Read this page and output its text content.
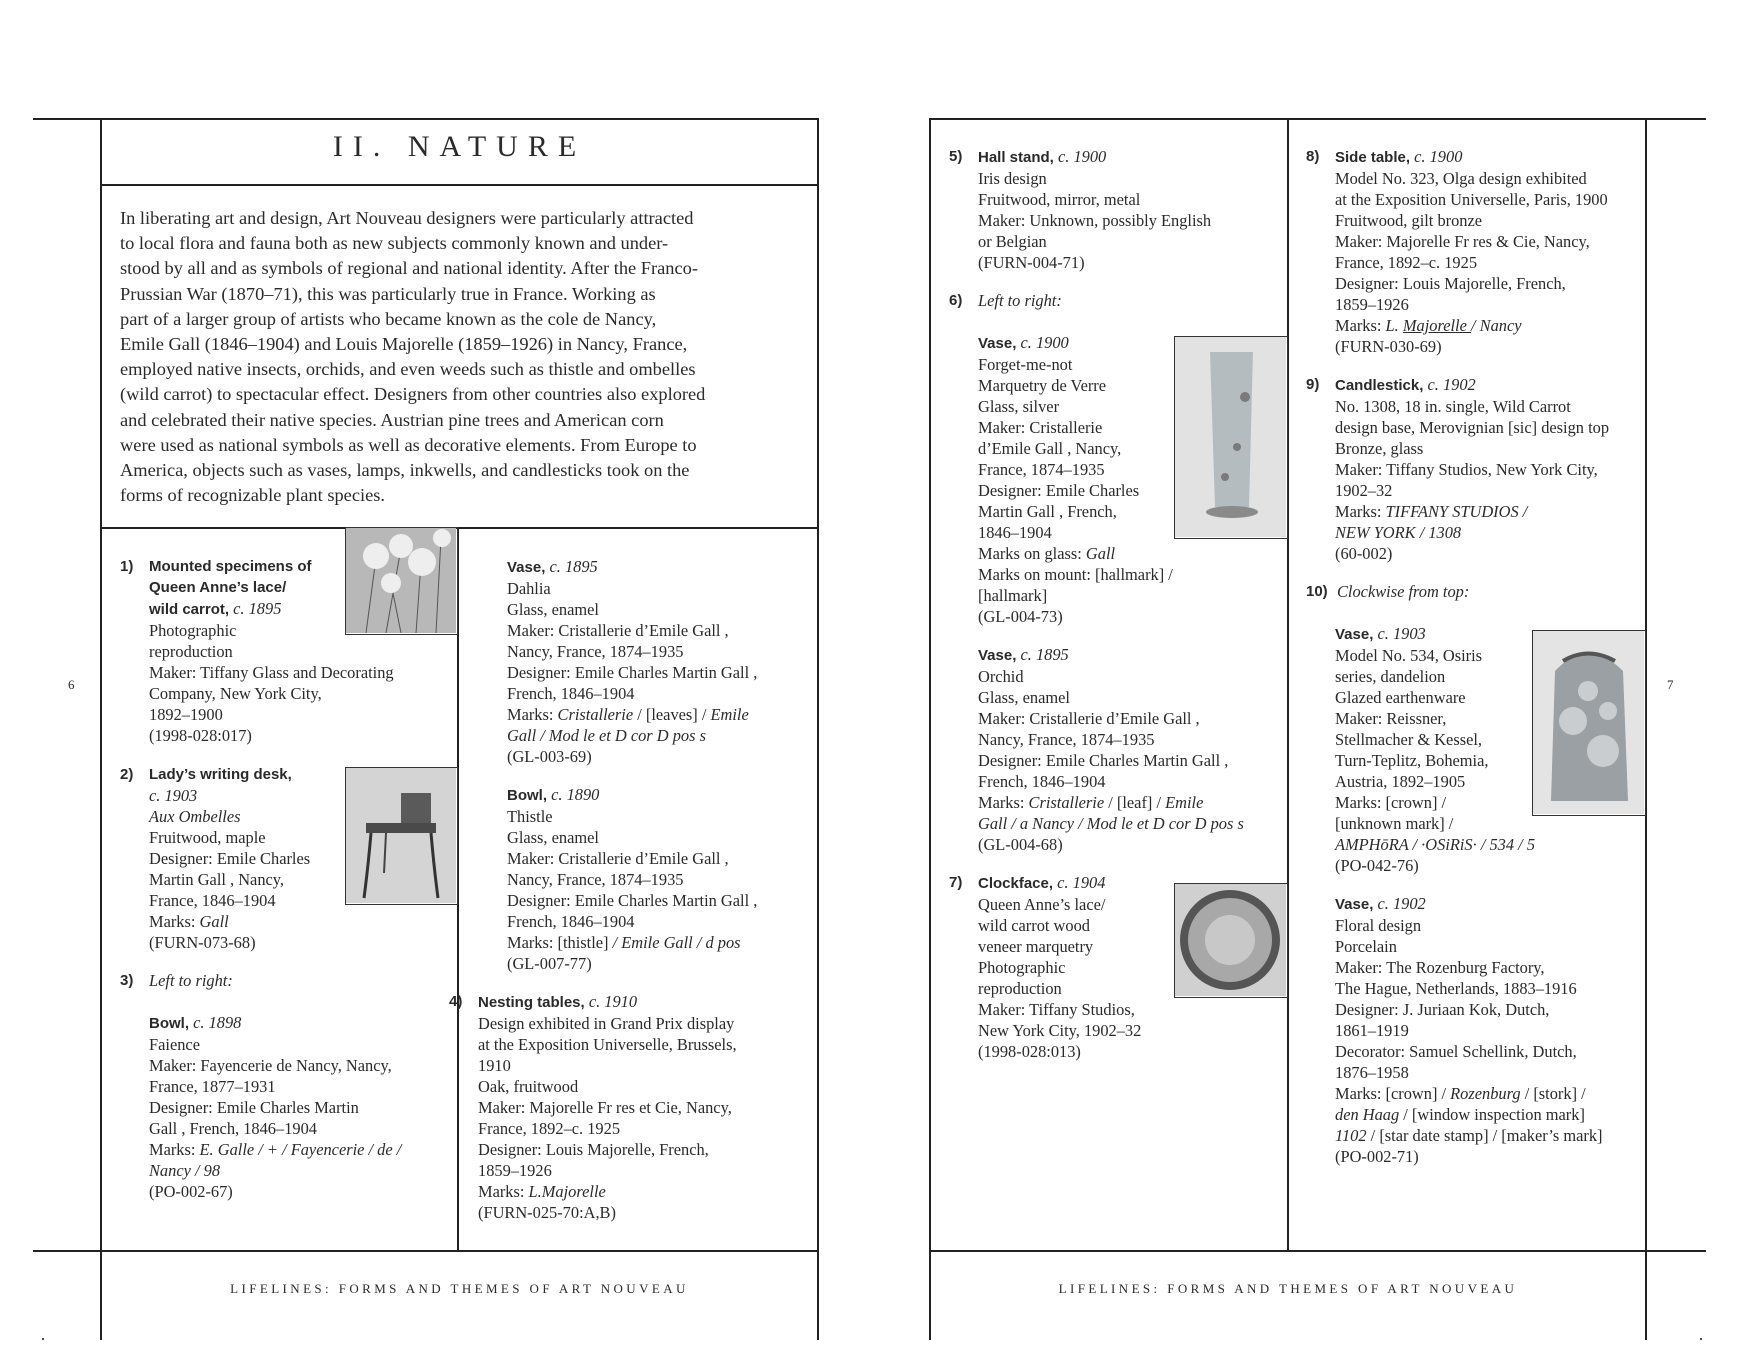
6	7
II. NATURE

In liberating art and design, Art Nouveau designers were particularly attracted
to local flora and fauna both as new subjects commonly known and under-
stood by all and as symbols of regional and national identity. After the Franco-
Prussian War (1870–71), this was particularly true in France. Working as
part of a larger group of artists who became known as the cole de Nancy,
Emile Gall (1846–1904) and Louis Majorelle (1859–1926) in Nancy, France,
employed native insects, orchids, and even weeds such as thistle and ombelles
(wild carrot) to spectacular effect. Designers from other countries also explored
and celebrated their native species. Austrian pine trees and American corn
were used as national symbols as well as decorative elements. From Europe to
America, objects such as vases, lamps, inkwells, and candlesticks took on the
forms of recognizable plant species.

1) Mounted specimens of
Queen Anne’s lace/
wild carrot, c. 1895
Photographic
reproduction
Maker: Tiffany Glass and Decorating
Company, New York City,
1892–1900
(1998-028:017)
2) Lady’s writing desk,
c. 1903
Aux Ombelles
Fruitwood, maple
Designer: Emile Charles
Martin Gall , Nancy,
France, 1846–1904
Marks: Gall
(FURN-073-68)
3) Left to right:

Bowl, c. 1898
Faience
Maker: Fayencerie de Nancy, Nancy,
France, 1877–1931
Designer: Emile Charles Martin
Gall , French, 1846–1904
Marks: E. Galle / + / Fayencerie / de /
Nancy / 98
(PO-002-67)
Vase, c. 1895
Dahlia
Glass, enamel
Maker: Cristallerie d’Emile Gall ,
Nancy, France, 1874–1935
Designer: Emile Charles Martin Gall ,
French, 1846–1904
Marks: Cristallerie / [leaves] / Emile
Gall / Mod le et D cor D pos s
(GL-003-69)
Bowl, c. 1890
Thistle
Glass, enamel
Maker: Cristallerie d’Emile Gall ,
Nancy, France, 1874–1935
Designer: Emile Charles Martin Gall ,
French, 1846–1904
Marks: [thistle] / Emile Gall / d pos
(GL-007-77)
4) Nesting tables, c. 1910
Design exhibited in Grand Prix display
at the Exposition Universelle, Brussels,
1910
Oak, fruitwood
Maker: Majorelle Fr res et Cie, Nancy,
France, 1892–c. 1925
Designer: Louis Majorelle, French,
1859–1926
Marks: L.Majorelle
(FURN-025-70:A,B)
LIFELINES: FORMS AND THEMES OF ART NOUVEAU
5) Hall stand, c. 1900
Iris design
Fruitwood, mirror, metal
Maker: Unknown, possibly English
or Belgian
(FURN-004-71)
6) Left to right:

Vase, c. 1900
Forget-me-not
Marquetry de Verre
Glass, silver
Maker: Cristallerie
d’Emile Gall , Nancy,
France, 1874–1935
Designer: Emile Charles
Martin Gall , French,
1846–1904
Marks on glass: Gall
Marks on mount: [hallmark] /
[hallmark]
(GL-004-73)
Vase, c. 1895
Orchid
Glass, enamel
Maker: Cristallerie d’Emile Gall ,
Nancy, France, 1874–1935
Designer: Emile Charles Martin Gall ,
French, 1846–1904
Marks: Cristallerie / [leaf] / Emile
Gall / a Nancy / Mod le et D cor D pos s
(GL-004-68)
7) Clockface, c. 1904
Queen Anne’s lace/
wild carrot wood
veneer marquetry
Photographic
reproduction
Maker: Tiffany Studios,
New York City, 1902–32
(1998-028:013)
8) Side table, c. 1900
Model No. 323, Olga design exhibited
at the Exposition Universelle, Paris, 1900
Fruitwood, gilt bronze
Maker: Majorelle Fr res & Cie, Nancy,
France, 1892–c. 1925
Designer: Louis Majorelle, French,
1859–1926
Marks: L. Majorelle / Nancy
(FURN-030-69)
9) Candlestick, c. 1902
No. 1308, 18 in. single, Wild Carrot
design base, Merovignian [sic] design top
Bronze, glass
Maker: Tiffany Studios, New York City,
1902–32
Marks: TIFFANY STUDIOS /
NEW YORK / 1308
(60-002)
10) Clockwise from top:

Vase, c. 1903
Model No. 534, Osiris
series, dandelion
Glazed earthenware
Maker: Reissner,
Stellmacher & Kessel,
Turn-Teplitz, Bohemia,
Austria, 1892–1905
Marks: [crown] /
[unknown mark] /
AMPHōRA / ·OSiRiS· / 534 / 5
(PO-042-76)
Vase, c. 1902
Floral design
Porcelain
Maker: The Rozenburg Factory,
The Hague, Netherlands, 1883–1916
Designer: J. Juriaan Kok, Dutch,
1861–1919
Decorator: Samuel Schellink, Dutch,
1876–1958
Marks: [crown] / Rozenburg / [stork] /
den Haag / [window inspection mark]
1102 / [star date stamp] / [maker’s mark]
(PO-002-71)
LIFELINES: FORMS AND THEMES OF ART NOUVEAU
